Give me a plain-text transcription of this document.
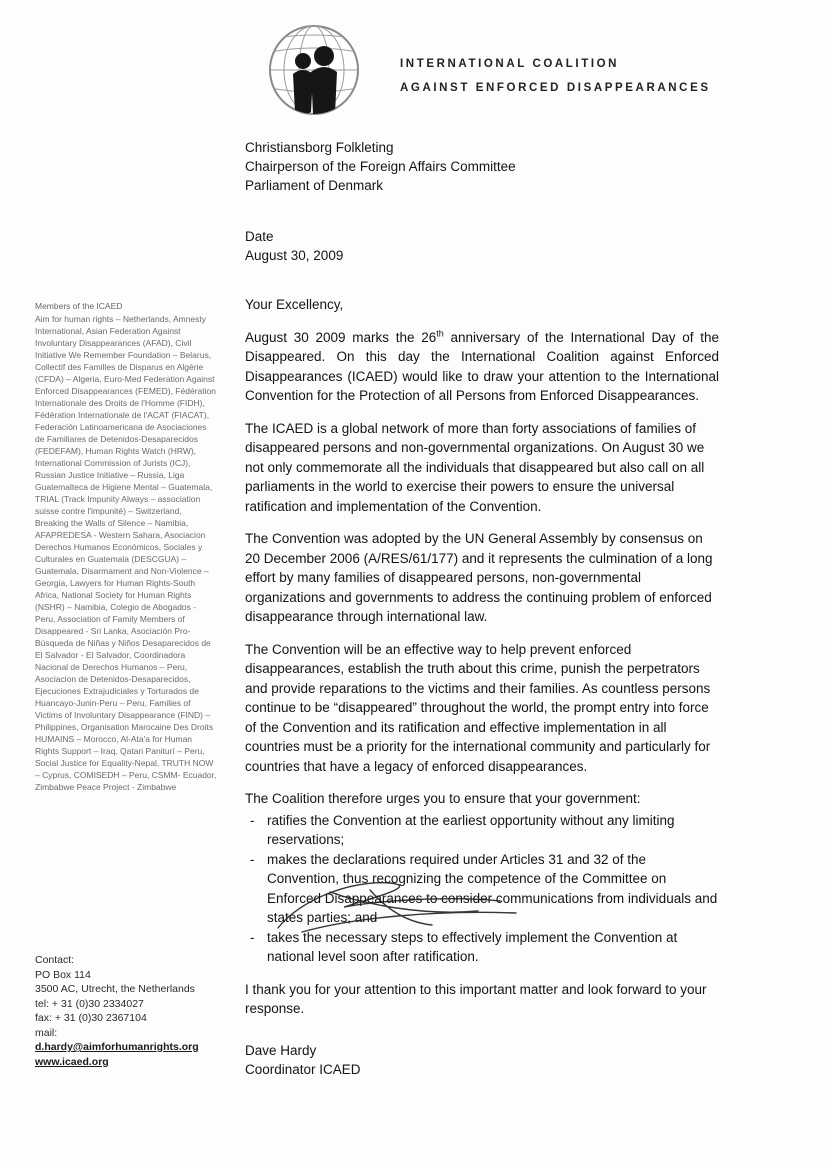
INTERNATIONAL COALITION
AGAINST ENFORCED DISAPPEARANCES
Christiansborg Folkleting
Chairperson of the Foreign Affairs Committee
Parliament of Denmark
Date
August 30, 2009
Members of the ICAED
Aim for human rights – Netherlands, Amnesty International, Asian Federation Against Involuntary Disappearances (AFAD), Civil Initiative We Remember Foundation – Belarus, Collectif des Familles de Disparus en Algérie (CFDA) – Algeria, Euro-Med Federation Against Enforced Disappearances (FEMED), Fédération Internationale des Droits de l'Homme (FIDH), Fédération Internationale de l'ACAT (FIACAT), Federación Latinoamericana de Asociaciones de Familiares de Detenidos-Desaparecidos (FEDEFAM), Human Rights Watch (HRW), International Commission of Jurists (ICJ), Russian Justice Initiative – Russia, Liga Guatemalteca de Higiene Mental – Guatemala, TRIAL (Track Impunity Always – association suisse contre l'impunité) – Switzerland, Breaking the Walls of Silence – Namibia, AFAPREDESA - Western Sahara, Asociacion Derechos Humanos Económicos, Sociales y Culturales en Guatemala (DESCGUA) – Guatemala, Disarmament and Non-Violence – Georgia, Lawyers for Human Rights-South Africa, National Society for Human Rights (NSHR) – Namibia, Colegio de Abogados - Peru, Association of Family Members of Disappeared - Sri Lanka, Asociación Pro-Búsqueda de Niñas y Niños Desaparecidos de El Salvador - El Salvador, Coordinadora Nacional de Derechos Humanos – Peru, Asociacion de Detenidos-Desaparecidos, Ejecuciones Extrajudiciales y Torturados de Huancayo-Junin-Peru – Peru, Families of Victims of Involuntary Disappearance (FIND) – Philippines, Organisation Marocaine Des Droits HUMAINS – Morocco, Al-Ata'a for Human Rights Support – Iraq, Qatari Paniturí – Peru, Social Justice for Equality-Nepal, TRUTH NOW – Cyprus, COMISEDH – Peru, CSMM- Ecuador, Zimbabwe Peace Project - Zimbabwe
Contact:
PO Box 114
3500 AC, Utrecht, the Netherlands
tel: + 31 (0)30 2334027
fax: + 31 (0)30 2367104
mail:
d.hardy@aimforhumanrights.org
www.icaed.org

Your Excellency,

August 30 2009 marks the 26th anniversary of the International Day of the Disappeared. On this day the International Coalition against Enforced Disappearances (ICAED) would like to draw your attention to the International Convention for the Protection of all Persons from Enforced Disappearances.

The ICAED is a global network of more than forty associations of families of disappeared persons and non-governmental organizations. On August 30 we not only commemorate all the individuals that disappeared but also call on all parliaments in the world to exercise their powers to ensure the universal ratification and implementation of the Convention.

The Convention was adopted by the UN General Assembly by consensus on 20 December 2006 (A/RES/61/177) and it represents the culmination of a long effort by many families of disappeared persons, non-governmental organizations and governments to address the continuing problem of enforced disappearance through international law.

The Convention will be an effective way to help prevent enforced disappearances, establish the truth about this crime, punish the perpetrators and provide reparations to the victims and their families. As countless persons continue to be “disappeared” throughout the world, the prompt entry into force of the Convention and its ratification and effective implementation in all countries must be a priority for the international community and particularly for countries that have a legacy of enforced disappearances.

The Coalition therefore urges you to ensure that your government:

- ratifies the Convention at the earliest opportunity without any limiting reservations;
- makes the declarations required under Articles 31 and 32 of the Convention, thus recognizing the competence of the Committee on Enforced Disappearances to consider communications from individuals and states parties; and
- takes the necessary steps to effectively implement the Convention at national level soon after ratification.

I thank you for your attention to this important matter and look forward to your response.

Dave Hardy
Coordinator ICAED
